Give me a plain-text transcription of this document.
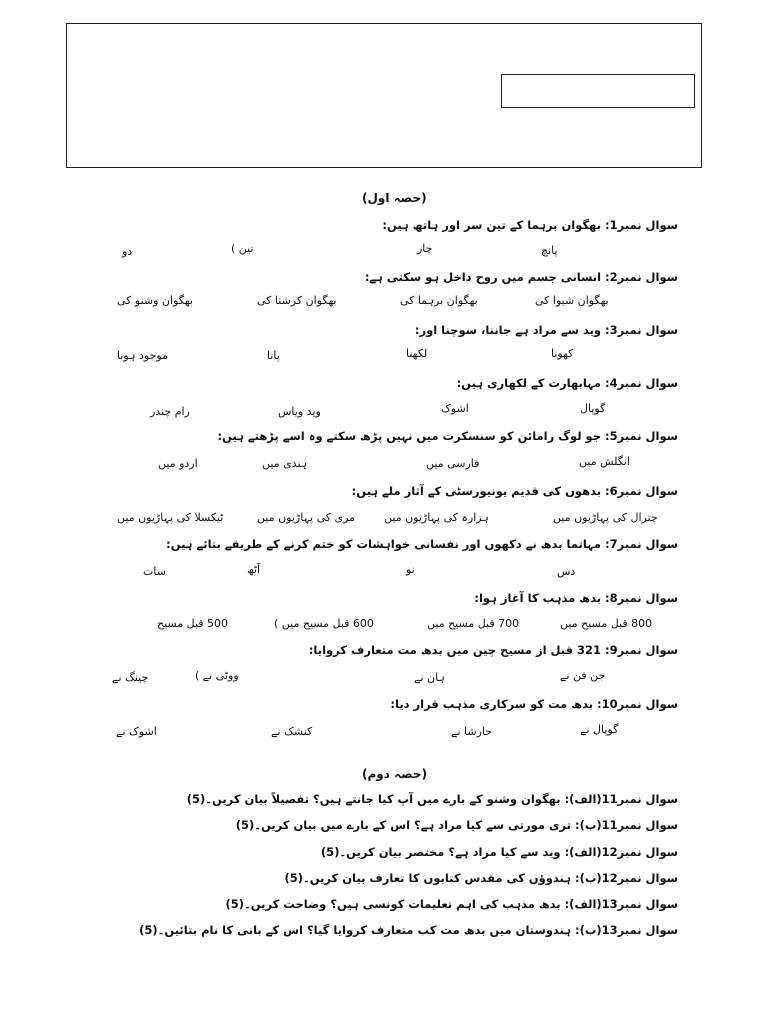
(حصہ اول)
سوال نمبر1: بھگوان برہما کے تین سر اور ہاتھ ہیں:
پانچ
چار
تین )
دو
سوال نمبر2: انسانی جسم میں روح داخل ہو سکتی ہے:
بھگوان شیوا کی
بھگوان برہما کی
بھگوان کرشنا کی
بھگوان وشنو کی
سوال نمبر3: وید سے مراد ہے جاننا، سوچنا اور:
کھونا
لکھنا
پانا
موجود ہونا
سوال نمبر4: مہابھارت کے لکھاری ہیں:
گوپال
اشوک
وید ویاس
رام چندر
سوال نمبر5: جو لوگ رامائن کو سنسکرت میں نہیں پڑھ سکتے وہ اسے پڑھتے ہیں:
انگلش میں
فارسی میں
ہندی میں
اردو میں
سوال نمبر6: بدھوں کی قدیم یونیورسٹی کے آثار ملے ہیں:
چترال کی پہاڑیوں میں
ہزارہ کی پہاڑیوں میں
مری کی پہاڑیوں میں
ٹیکسلا کی پہاڑیوں میں
سوال نمبر7: مہاتما بدھ نے دکھوں اور نفسانی خواہشات کو ختم کرنے کے طریقے بتائے ہیں:
دس
نو
آٹھ
سات
سوال نمبر8: بدھ مذہب کا آغاز ہوا:
800 قبل مسیح میں
700 قبل مسیح میں
600 قبل مسیح میں )
500 قبل مسیح
سوال نمبر9: 321 قبل از مسیح چین میں بدھ مت متعارف کروایا:
جن فن نے
ہان نے
ووٹی نے )
چینگ نے
سوال نمبر10: بدھ مت کو سرکاری مذہب قرار دیا:
گوپال نے
حارشا نے
کنشک نے
اشوک نے
(حصہ دوم)
سوال نمبر11(الف): بھگوان وشنو کے بارے میں آپ کیا جانتے ہیں؟ تفصیلاً بیان کریں۔(5)
سوال نمبر11(ب): تری مورتی سے کیا مراد ہے؟ اس کے بارے میں بیان کریں۔(5)
سوال نمبر12(الف): وید سے کیا مراد ہے؟ مختصر بیان کریں۔(5)
سوال نمبر12(ب): ہندوؤں کی مقدس کتابوں کا تعارف بیان کریں۔(5)
سوال نمبر13(الف): بدھ مذہب کی اہم تعلیمات کونسی ہیں؟ وضاحت کریں۔(5)
سوال نمبر13(ب): ہندوستان میں بدھ مت کب متعارف کروایا گیا؟ اس کے بانی کا نام بتائیں۔(5)
